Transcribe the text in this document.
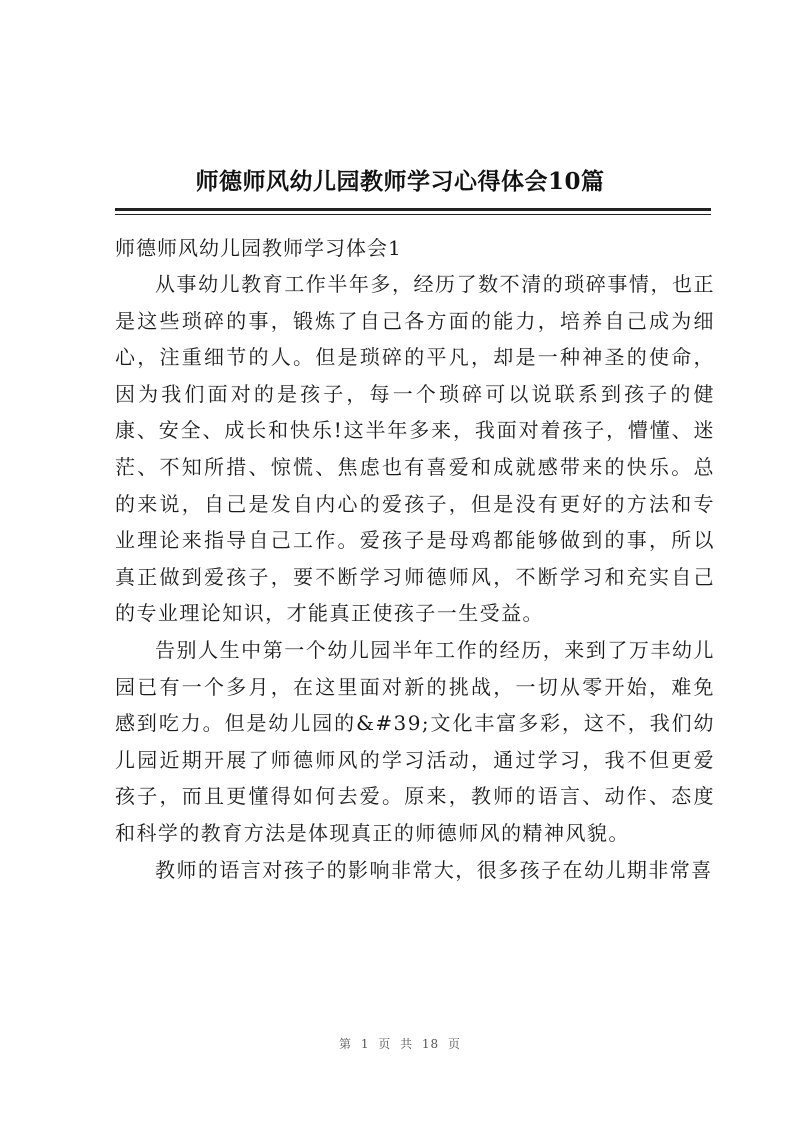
师德师风幼儿园教师学习心得体会10篇

师德师风幼儿园教师学习体会1

从事幼儿教育工作半年多，经历了数不清的琐碎事情，也正是这些琐碎的事，锻炼了自己各方面的能力，培养自己成为细心，注重细节的人。但是琐碎的平凡，却是一种神圣的使命，因为我们面对的是孩子，每一个琐碎可以说联系到孩子的健康、安全、成长和快乐!这半年多来，我面对着孩子，懵懂、迷茫、不知所措、惊慌、焦虑也有喜爱和成就感带来的快乐。总的来说，自己是发自内心的爱孩子，但是没有更好的方法和专业理论来指导自己工作。爱孩子是母鸡都能够做到的事，所以真正做到爱孩子，要不断学习师德师风，不断学习和充实自己的专业理论知识，才能真正使孩子一生受益。

告别人生中第一个幼儿园半年工作的经历，来到了万丰幼儿园已有一个多月，在这里面对新的挑战，一切从零开始，难免感到吃力。但是幼儿园的&#39;文化丰富多彩，这不，我们幼儿园近期开展了师德师风的学习活动，通过学习，我不但更爱孩子，而且更懂得如何去爱。原来，教师的语言、动作、态度和科学的教育方法是体现真正的师德师风的精神风貌。

教师的语言对孩子的影响非常大，很多孩子在幼儿期非常喜

第 1 页 共 18 页
